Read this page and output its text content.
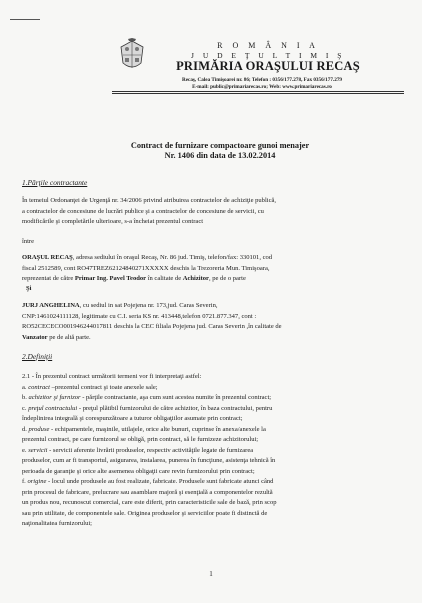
R O M Â N I A
J U D E Ţ U L T I M I Ş
PRIMĂRIA ORAŞULUI RECAŞ
Recaş, Calea Timişoarei nr. 86; Telefon : 0356/177.278, Fax 0356/177.279
E-mail: public@primariarecas.ro; Web: www.primariarecas.ro
Contract de furnizare compactoare gunoi menajer
Nr. 1406 din data de 13.02.2014
1.Părţile contractante
În temeiul Ordonanţei de Urgenţă nr. 34/2006 privind atribuirea contractelor de achiziţie publică,
a contractelor de concesiune de lucrări publice şi a contractelor de concesiune de servicii, cu
modificările şi completările ulterioare, s-a încheiat prezentul contract
între
ORAŞUL RECAŞ, adresa sediului în oraşul Recaş, Nr. 86 jud. Timiş, telefon/fax: 330101, cod
fiscal 2512589, cont RO47TREZ62124840271XXXXX deschis la Trezoreria Mun. Timişoara,
reprezentat de către Primar Ing. Pavel Teodor în calitate de Achizitor, pe de o parte
Şi
JURJ ANGHELINA, cu sediul in sat Pojejena nr. 173,jud. Caras Severin,
CNP:1461024111128, legitimate cu C.I. seria KS nr. 413448,telefon 0721.877.347, cont :
RO52CECECO001946244017811 deschis la CEC filiala Pojejena jud. Caras Severin ,în calitate de
Vanzator pe de altă parte.
2.Definiţii
2.1 - În prezentul contract următorii termeni vor fi interpretaţi astfel:
a. contract –prezentul contract şi toate anexele sale;
b. achizitor şi furnizor - părţile contractante, aşa cum sunt acestea numite în prezentul contract;
c. preţul contractului - preţul plătibil furnizorului de către achizitor, în baza contractului, pentru
îndeplinirea integrală şi corespunzătoare a tuturor obligaţiilor asumate prin contract;
d. produse - echipamentele, maşinile, utilajele, orice alte bunuri, cuprinse în anexa/anexele la
prezentul contract, pe care furnizorul se obligă, prin contract, să le furnizeze achizitorului;
e. servicii - servicii aferente livrării produselor, respectiv activităţile legate de furnizarea
produselor, cum ar fi transportul, asigurarea, instalarea, punerea în funcţiune, asistenţa tehnică în
perioada de garanţie şi orice alte asemenea obligaţii care revin furnizorului prin contract;
f. origine - locul unde produsele au fost realizate, fabricate. Produsele sunt fabricate atunci când
prin procesul de fabricare, prelucrare sau asamblare majoră şi esenţială a componentelor rezultă
un produs nou, recunoscut comercial, care este diferit, prin caracteristicile sale de bază, prin scop
sau prin utilitate, de componentele sale. Originea produselor şi serviciilor poate fi distinctă de
naţionalitatea furnizorului;
1
